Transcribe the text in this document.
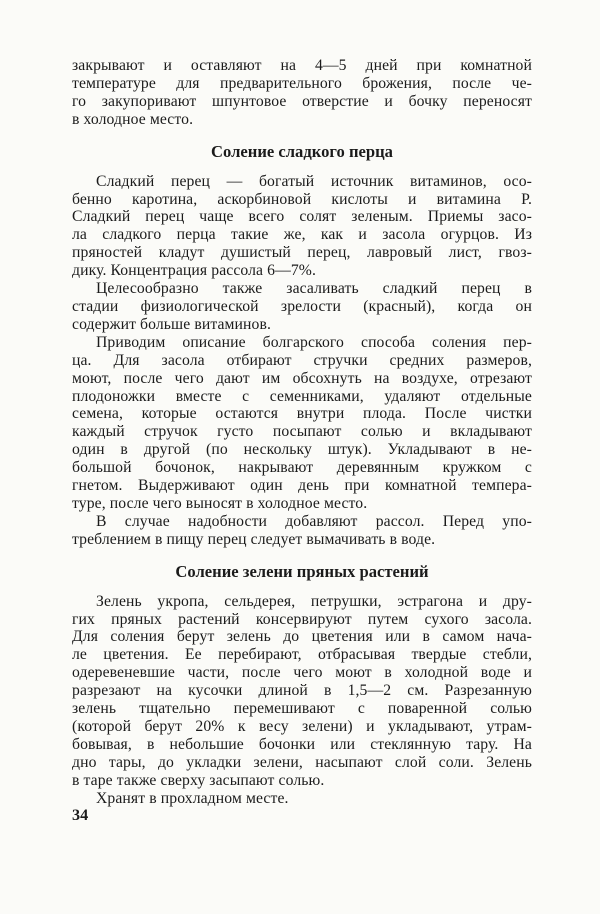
закрывают и оставляют на 4—5 дней при комнатной
температуре для предварительного брожения, после че-
го закупоривают шпунтовое отверстие и бочку переносят
в холодное место.
Соление сладкого перца
Сладкий перец — богатый источник витаминов, осо-
бенно каротина, аскорбиновой кислоты и витамина Р.
Сладкий перец чаще всего солят зеленым. Приемы засо-
ла сладкого перца такие же, как и засола огурцов. Из
пряностей кладут душистый перец, лавровый лист, гвоз-
дику. Концентрация рассола 6—7%.
Целесообразно также засаливать сладкий перец в
стадии физиологической зрелости (красный), когда он
содержит больше витаминов.
Приводим описание болгарского способа соления пер-
ца. Для засола отбирают стручки средних размеров,
моют, после чего дают им обсохнуть на воздухе, отрезают
плодоножки вместе с семенниками, удаляют отдельные
семена, которые остаются внутри плода. После чистки
каждый стручок густо посыпают солью и вкладывают
один в другой (по нескольку штук). Укладывают в не-
большой бочонок, накрывают деревянным кружком с
гнетом. Выдерживают один день при комнатной темпера-
туре, после чего выносят в холодное место.
В случае надобности добавляют рассол. Перед упо-
треблением в пищу перец следует вымачивать в воде.
Соление зелени пряных растений
Зелень укропа, сельдерея, петрушки, эстрагона и дру-
гих пряных растений консервируют путем сухого засола.
Для соления берут зелень до цветения или в самом нача-
ле цветения. Ее перебирают, отбрасывая твердые стебли,
одеревеневшие части, после чего моют в холодной воде и
разрезают на кусочки длиной в 1,5—2 см. Разрезанную
зелень тщательно перемешивают с поваренной солью
(которой берут 20% к весу зелени) и укладывают, утрам-
бовывая, в небольшие бочонки или стеклянную тару. На
дно тары, до укладки зелени, насыпают слой соли. Зелень
в таре также сверху засыпают солью.
Хранят в прохладном месте.
34
